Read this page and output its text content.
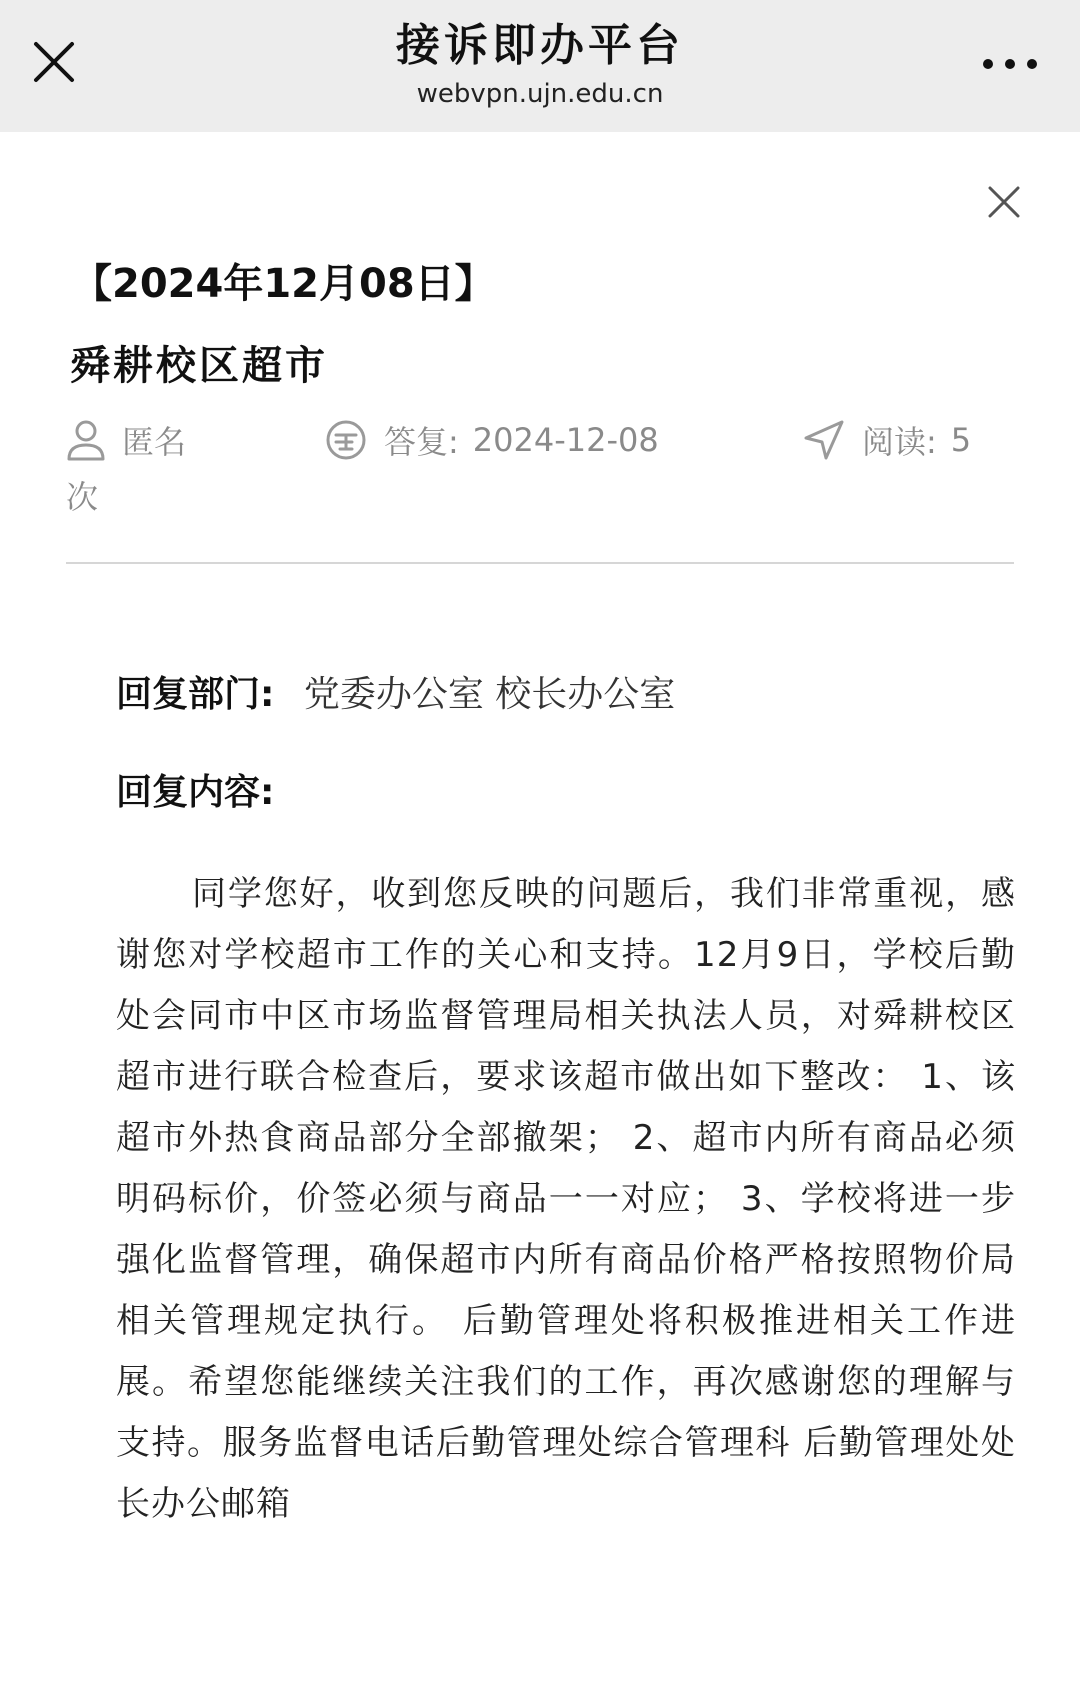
接诉即办平台
webvpn.ujn.edu.cn
【2024年12月08日】
舜耕校区超市
匿名	答复: 2024-12-08	阅读: 5
次
回复部门: 党委办公室 校长办公室
回复内容:

同学您好，收到您反映的问题后，我们非常重视，感谢您对学校超市工作的关心和支持。12月9日，学校后勤处会同市中区市场监督管理局相关执法人员，对舜耕校区超市进行联合检查后，要求该超市做出如下整改： 1、该超市外热食商品部分全部撤架； 2、超市内所有商品必须明码标价，价签必须与商品一一对应； 3、学校将进一步强化监督管理，确保超市内所有商品价格严格按照物价局相关管理规定执行。 后勤管理处将积极推进相关工作进展。希望您能继续关注我们的工作，再次感谢您的理解与支持。服务监督电话后勤管理处综合管理科 后勤管理处处长办公邮箱
